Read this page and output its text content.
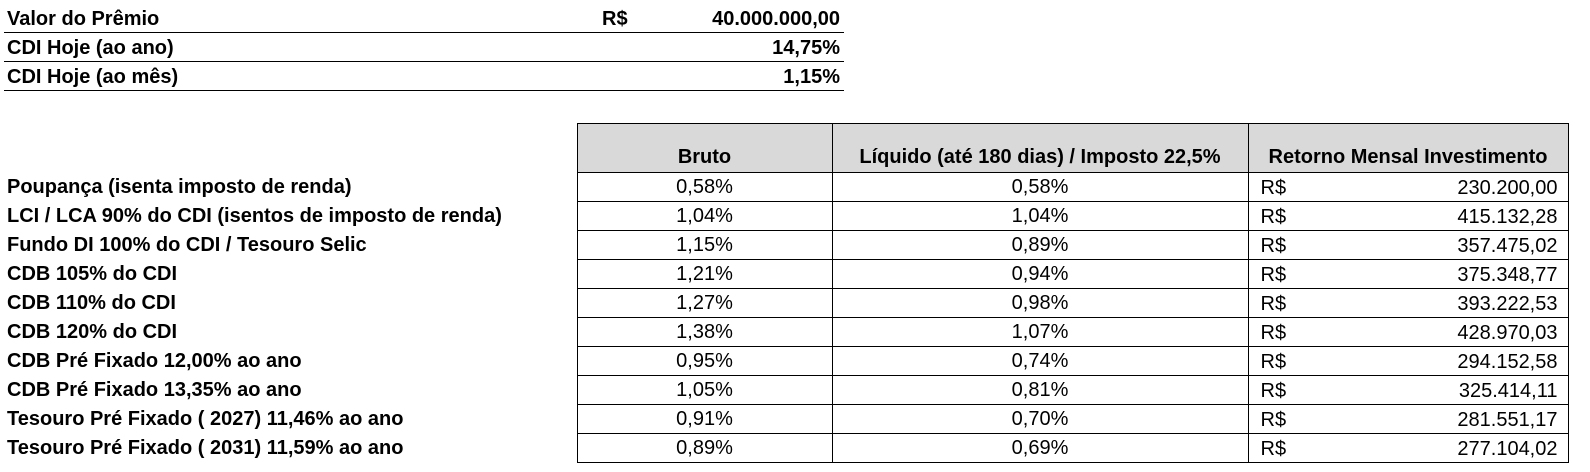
Valor do Prêmio	R$	40.000.000,00
CDI Hoje (ao ano)	14,75%
CDI Hoje (ao mês)	1,15%
	Bruto	Líquido (até 180 dias) / Imposto 22,5%	Retorno Mensal Investimento
Poupança (isenta imposto de renda)	0,58%	0,58%	R$ 230.200,00

LCI / LCA 90% do CDI (isentos de imposto de renda)	1,04%	1,04%	R$ 415.132,28

Fundo DI 100% do CDI / Tesouro Selic	1,15%	0,89%	R$ 357.475,02

CDB 105% do CDI	1,21%	0,94%	R$ 375.348,77

CDB 110% do CDI	1,27%	0,98%	R$ 393.222,53

CDB 120% do CDI	1,38%	1,07%	R$ 428.970,03

CDB Pré Fixado 12,00% ao ano	0,95%	0,74%	R$ 294.152,58

CDB Pré Fixado 13,35% ao ano	1,05%	0,81%	R$ 325.414,11

Tesouro Pré Fixado ( 2027) 11,46% ao ano	0,91%	0,70%	R$ 281.551,17

Tesouro Pré Fixado ( 2031) 11,59% ao ano	0,89%	0,69%	R$ 277.104,02
